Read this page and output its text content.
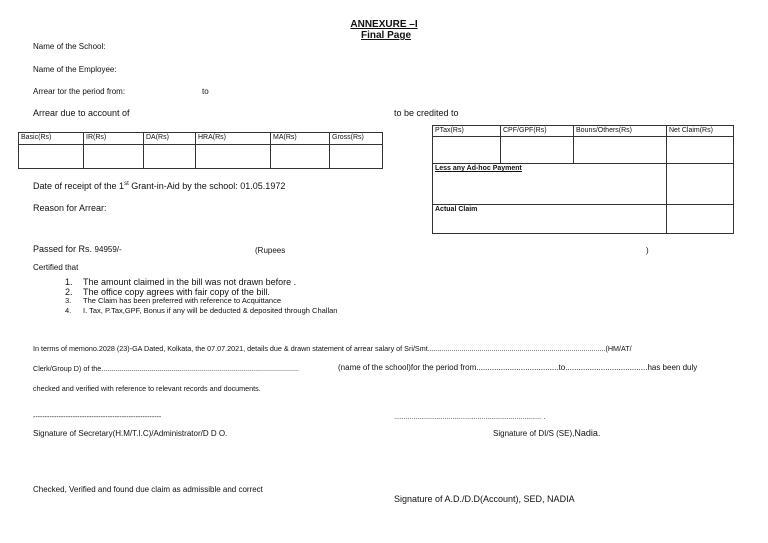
ANNEXURE –I
Final Page
Name of the School:
Name of the Employee:
Arrear tor the period from:	to
Arrear due to account of	to be credited to
Basic(Rs)	IR(Rs)	DA(Rs)	HRA(Rs)	MA(Rs)	Gross(Rs)

PTax(Rs)	CPF/GPF(Rs)	Bouns/Others(Rs)	Net Claim(Rs)

Less any Ad-hoc Payment			
Actual Claim			
Date of receipt of the 1st Grant-in-Aid by the school: 01.05.1972
Reason for Arrear:
Passed for Rs. 94959/-	(Rupees	)
Certified that
1.	The amount claimed in the bill was not drawn before .
2.	The office copy agrees with fair copy of the bill.
3.	The Claim has been preferred with reference to Acquittance
4.	I. Tax, P.Tax,GPF, Bonus if any will be deducted & deposited through Challan
In terms of memono.2028 (23)-GA Dated, Kolkata, the 07.07.2021, details due & drawn statement of arrear salary of Sri/Smt.........................................................................................(HM/AT/
Clerk/Group D) of the...................................................................................................	(name of the school)for the period from.....................................to.....................................has been duly
checked and verified with reference to relevant records and documents.
-------------------------------------------------------
Signature of Secretary(H.M/T.I.C)/Administrator/D D O.
............................................................................ .
Signature of DI/S (SE),Nadia.
Checked, Verified and found due claim as admissible and correct
Signature of A.D./D.D(Account), SED, NADIA
